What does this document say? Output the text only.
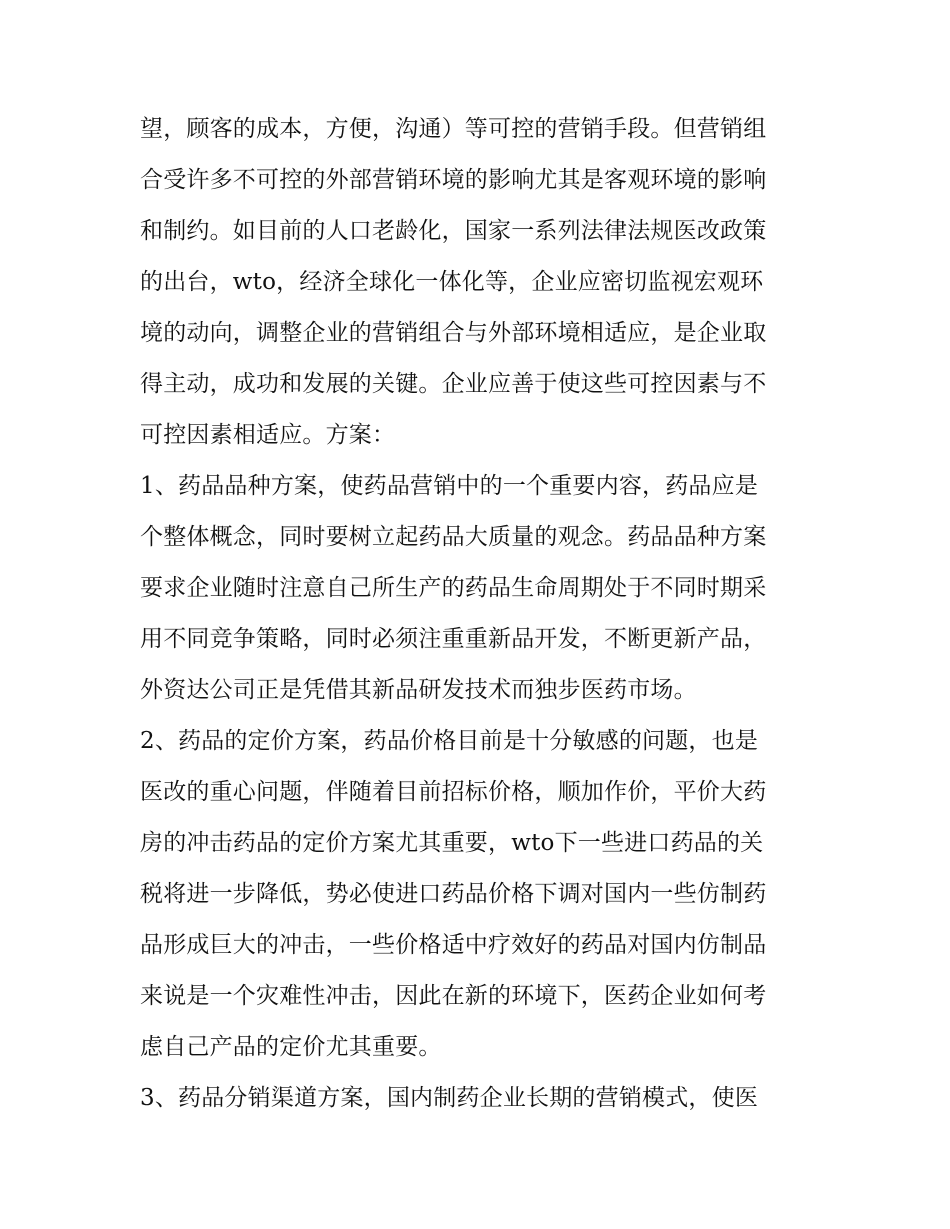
望，顾客的成本，方便，沟通）等可控的营销手段。但营销组
合受许多不可控的外部营销环境的影响尤其是客观环境的影响
和制约。如目前的人口老龄化，国家一系列法律法规医改政策
的出台，wto，经济全球化一体化等，企业应密切监视宏观环
境的动向，调整企业的营销组合与外部环境相适应，是企业取
得主动，成功和发展的关键。企业应善于使这些可控因素与不
可控因素相适应。方案：
1、药品品种方案，使药品营销中的一个重要内容，药品应是
个整体概念，同时要树立起药品大质量的观念。药品品种方案
要求企业随时注意自己所生产的药品生命周期处于不同时期采
用不同竞争策略，同时必须注重重新品开发，不断更新产品，
外资达公司正是凭借其新品研发技术而独步医药市场。
2、药品的定价方案，药品价格目前是十分敏感的问题，也是
医改的重心问题，伴随着目前招标价格，顺加作价，平价大药
房的冲击药品的定价方案尤其重要，wto下一些进口药品的关
税将进一步降低，势必使进口药品价格下调对国内一些仿制药
品形成巨大的冲击，一些价格适中疗效好的药品对国内仿制品
来说是一个灾难性冲击，因此在新的环境下，医药企业如何考
虑自己产品的定价尤其重要。
3、药品分销渠道方案，国内制药企业长期的营销模式，使医
